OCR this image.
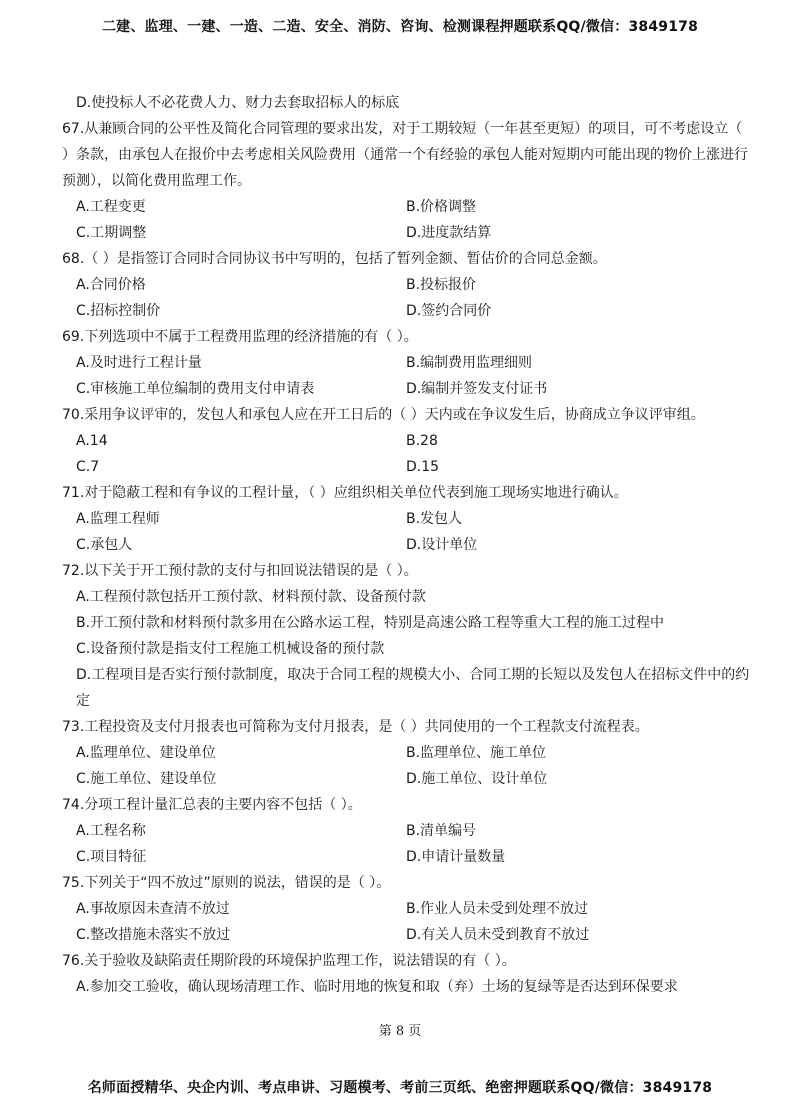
二建、监理、一建、一造、二造、安全、消防、咨询、检测课程押题联系QQ/微信：3849178
D.使投标人不必花费人力、财力去套取招标人的标底
67.从兼顾合同的公平性及简化合同管理的要求出发，对于工期较短（一年甚至更短）的项目，可不考虑设立（ ）条款，由承包人在报价中去考虑相关风险费用（通常一个有经验的承包人能对短期内可能出现的物价上涨进行预测），以简化费用监理工作。
A.工程变更	B.价格调整
C.工期调整	D.进度款结算
68.（ ）是指签订合同时合同协议书中写明的，包括了暂列金额、暂估价的合同总金额。
A.合同价格	B.投标报价
C.招标控制价	D.签约合同价
69.下列选项中不属于工程费用监理的经济措施的有（ ）。
A.及时进行工程计量	B.编制费用监理细则
C.审核施工单位编制的费用支付申请表	D.编制并签发支付证书
70.采用争议评审的，发包人和承包人应在开工日后的（ ）天内或在争议发生后，协商成立争议评审组。
A.14	B.28
C.7	D.15
71.对于隐蔽工程和有争议的工程计量，（ ）应组织相关单位代表到施工现场实地进行确认。
A.监理工程师	B.发包人
C.承包人	D.设计单位
72.以下关于开工预付款的支付与扣回说法错误的是（ ）。
A.工程预付款包括开工预付款、材料预付款、设备预付款
B.开工预付款和材料预付款多用在公路水运工程，特别是高速公路工程等重大工程的施工过程中
C.设备预付款是指支付工程施工机械设备的预付款
D.工程项目是否实行预付款制度，取决于合同工程的规模大小、合同工期的长短以及发包人在招标文件中的约定
73.工程投资及支付月报表也可简称为支付月报表，是（ ）共同使用的一个工程款支付流程表。
A.监理单位、建设单位	B.监理单位、施工单位
C.施工单位、建设单位	D.施工单位、设计单位
74.分项工程计量汇总表的主要内容不包括（ ）。
A.工程名称	B.清单编号
C.项目特征	D.申请计量数量
75.下列关于“四不放过”原则的说法，错误的是（ ）。
A.事故原因未查清不放过	B.作业人员未受到处理不放过
C.整改措施未落实不放过	D.有关人员未受到教育不放过
76.关于验收及缺陷责任期阶段的环境保护监理工作，说法错误的有（ ）。
A.参加交工验收，确认现场清理工作、临时用地的恢复和取（弃）土场的复绿等是否达到环保要求
第 8 页
名师面授精华、央企内训、考点串讲、习题模考、考前三页纸、绝密押题联系QQ/微信：3849178
